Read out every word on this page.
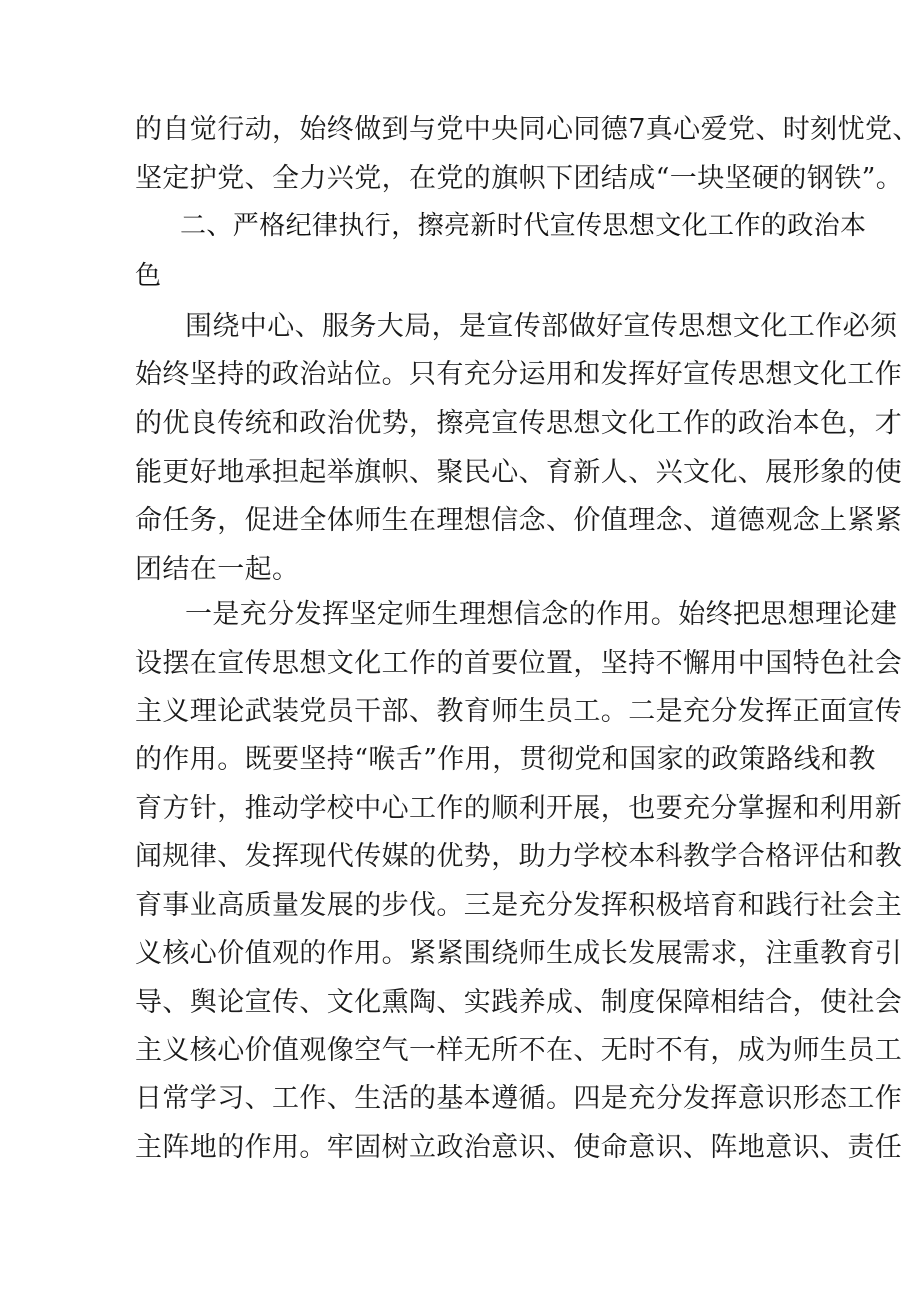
的自觉行动，始终做到与党中央同心同德7真心爱党、时刻忧党、
坚定护党、全力兴党，在党的旗帜下团结成“一块坚硬的钢铁”。
二、严格纪律执行，擦亮新时代宣传思想文化工作的政治本
色
围绕中心、服务大局，是宣传部做好宣传思想文化工作必须
始终坚持的政治站位。只有充分运用和发挥好宣传思想文化工作
的优良传统和政治优势，擦亮宣传思想文化工作的政治本色，才
能更好地承担起举旗帜、聚民心、育新人、兴文化、展形象的使
命任务，促进全体师生在理想信念、价值理念、道德观念上紧紧
团结在一起。
一是充分发挥坚定师生理想信念的作用。始终把思想理论建
设摆在宣传思想文化工作的首要位置，坚持不懈用中国特色社会
主义理论武装党员干部、教育师生员工。二是充分发挥正面宣传
的作用。既要坚持“喉舌”作用，贯彻党和国家的政策路线和教
育方针，推动学校中心工作的顺利开展，也要充分掌握和利用新
闻规律、发挥现代传媒的优势，助力学校本科教学合格评估和教
育事业高质量发展的步伐。三是充分发挥积极培育和践行社会主
义核心价值观的作用。紧紧围绕师生成长发展需求，注重教育引
导、舆论宣传、文化熏陶、实践养成、制度保障相结合，使社会
主义核心价值观像空气一样无所不在、无时不有，成为师生员工
日常学习、工作、生活的基本遵循。四是充分发挥意识形态工作
主阵地的作用。牢固树立政治意识、使命意识、阵地意识、责任
